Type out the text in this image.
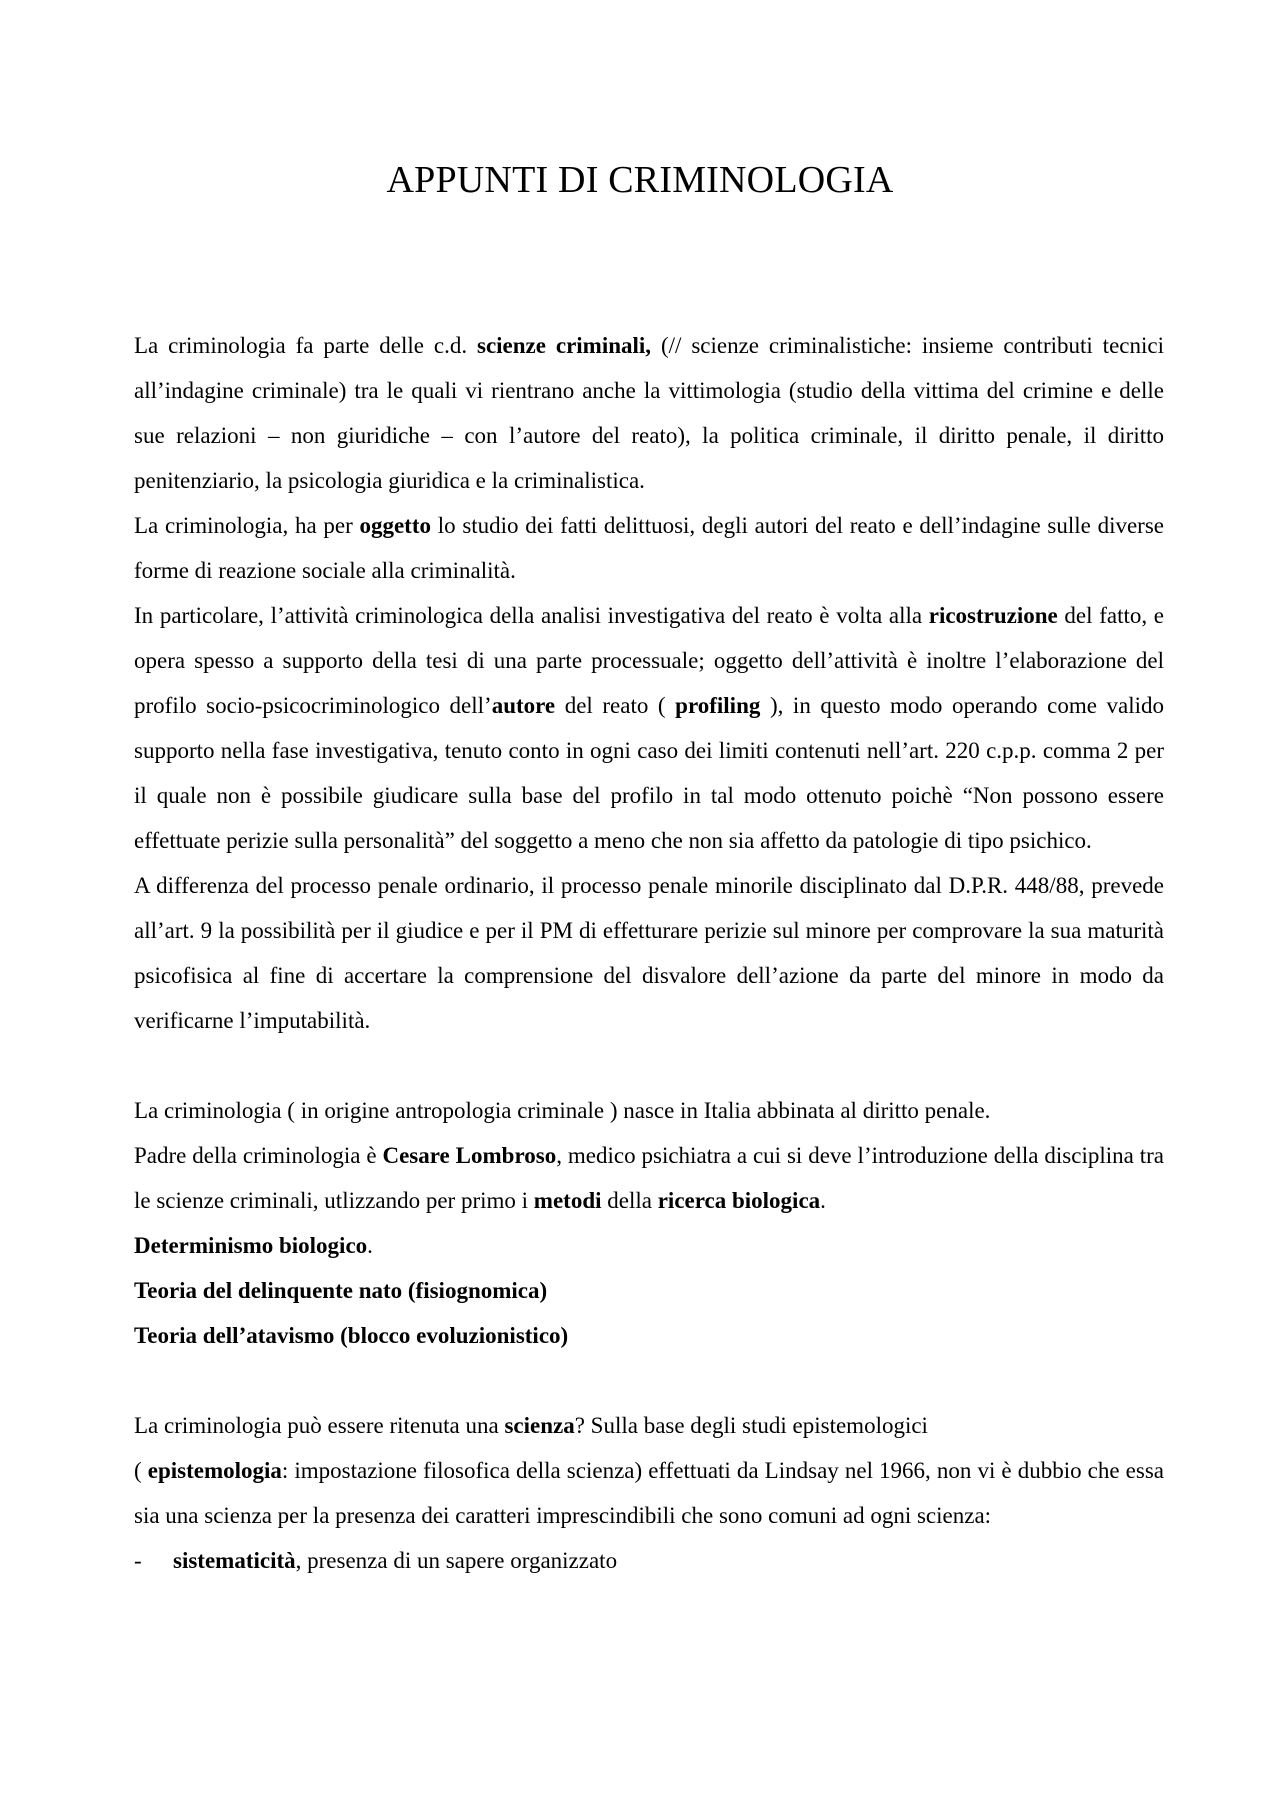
APPUNTI DI CRIMINOLOGIA

La criminologia fa parte delle c.d. scienze criminali, (// scienze criminalistiche: insieme contributi tecnici all’indagine criminale) tra le quali vi rientrano anche la vittimologia (studio della vittima del crimine e delle sue relazioni – non giuridiche – con l’autore del reato), la politica criminale, il diritto penale, il diritto penitenziario, la psicologia giuridica e la criminalistica.

La criminologia, ha per oggetto lo studio dei fatti delittuosi, degli autori del reato e dell’indagine sulle diverse forme di reazione sociale alla criminalità.

In particolare, l’attività criminologica della analisi investigativa del reato è volta alla ricostruzione del fatto, e opera spesso a supporto della tesi di una parte processuale; oggetto dell’attività è inoltre l’elaborazione del profilo socio-psicocriminologico dell’autore del reato ( profiling ), in questo modo operando come valido supporto nella fase investigativa, tenuto conto in ogni caso dei limiti contenuti nell’art. 220 c.p.p. comma 2 per il quale non è possibile giudicare sulla base del profilo in tal modo ottenuto poichè “Non possono essere effettuate perizie sulla personalità” del soggetto a meno che non sia affetto da patologie di tipo psichico.

A differenza del processo penale ordinario, il processo penale minorile disciplinato dal D.P.R. 448/88, prevede all’art. 9 la possibilità per il giudice e per il PM di effetturare perizie sul minore per comprovare la sua maturità psicofisica al fine di accertare la comprensione del disvalore dell’azione da parte del minore in modo da verificarne l’imputabilità.

La criminologia ( in origine antropologia criminale ) nasce in Italia abbinata al diritto penale.

Padre della criminologia è Cesare Lombroso, medico psichiatra a cui si deve l’introduzione della disciplina tra le scienze criminali, utlizzando per primo i metodi della ricerca biologica.

Determinismo biologico.

Teoria del delinquente nato (fisiognomica)

Teoria dell’atavismo (blocco evoluzionistico)

La criminologia può essere ritenuta una scienza? Sulla base degli studi epistemologici

( epistemologia: impostazione filosofica della scienza) effettuati da Lindsay nel 1966, non vi è dubbio che essa sia una scienza per la presenza dei caratteri imprescindibili che sono comuni ad ogni scienza:

-	sistematicità, presenza di un sapere organizzato
